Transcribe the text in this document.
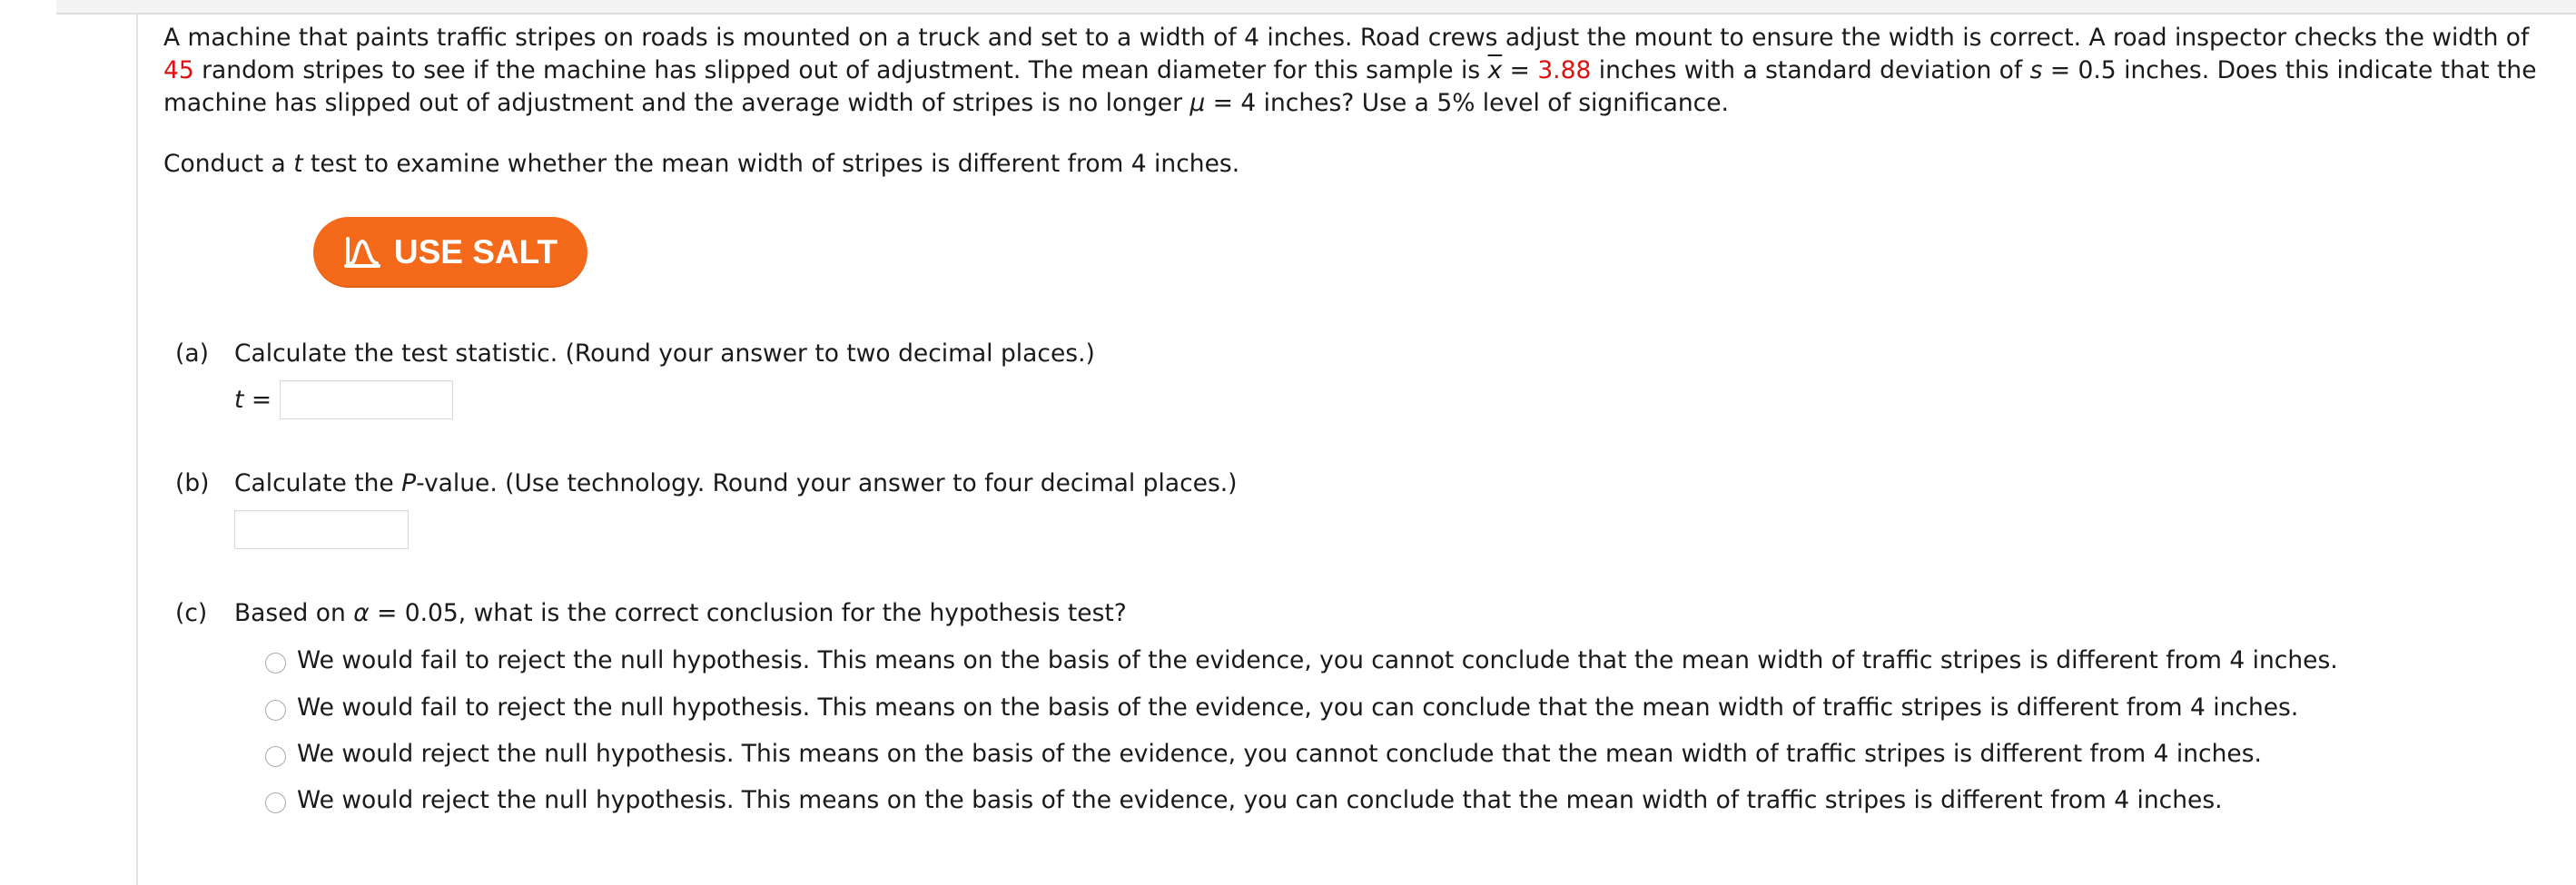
A machine that paints traffic stripes on roads is mounted on a truck and set to a width of 4 inches. Road crews adjust the mount to ensure the width is correct. A road inspector checks the width of 45 random stripes to see if the machine has slipped out of adjustment. The mean diameter for this sample is $\overline{x} = 3.88$ inches with a standard deviation of s = 0.5 inches. Does this indicate that the machine has slipped out of adjustment and the average width of stripes is no longer μ = 4 inches? Use a 5% level of significance.

Conduct a t test to examine whether the mean width of stripes is different from 4 inches.
USE SALT
(a) Calculate the test statistic. (Round your answer to two decimal places.)
t =
(b) Calculate the P-value. (Use technology. Round your answer to four decimal places.)
(c) Based on α = 0.05, what is the correct conclusion for the hypothesis test?
We would fail to reject the null hypothesis. This means on the basis of the evidence, you cannot conclude that the mean width of traffic stripes is different from 4 inches.
We would fail to reject the null hypothesis. This means on the basis of the evidence, you can conclude that the mean width of traffic stripes is different from 4 inches.
We would reject the null hypothesis. This means on the basis of the evidence, you cannot conclude that the mean width of traffic stripes is different from 4 inches.
We would reject the null hypothesis. This means on the basis of the evidence, you can conclude that the mean width of traffic stripes is different from 4 inches.
